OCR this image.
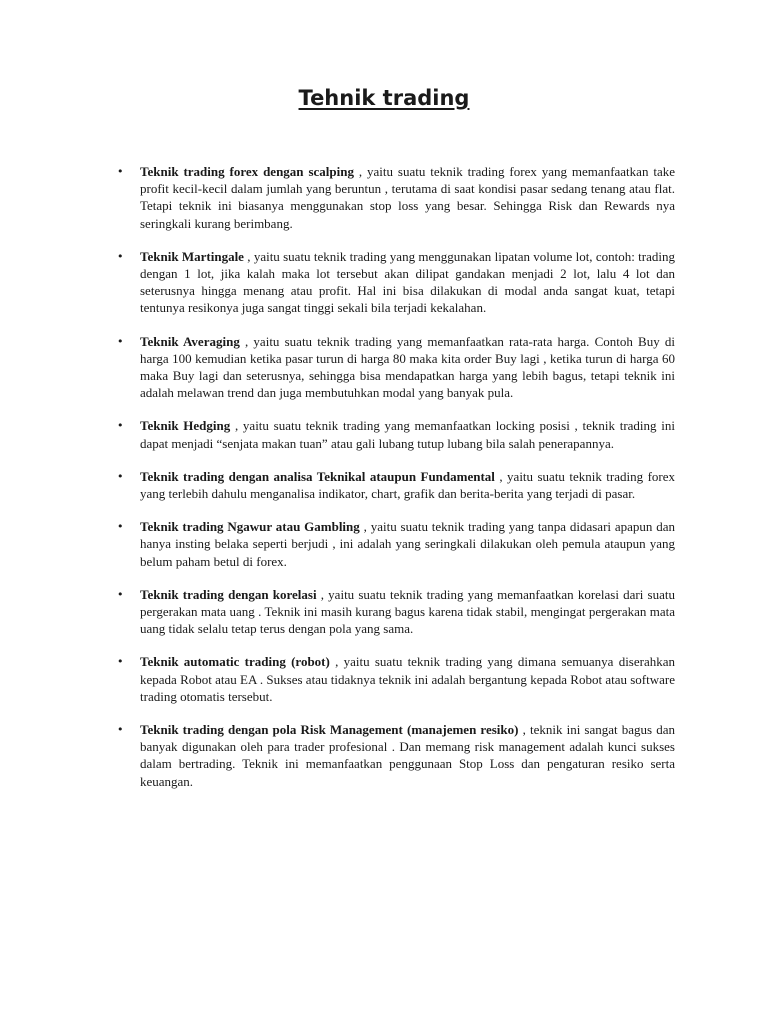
Tehnik trading
• Teknik trading forex dengan scalping , yaitu suatu teknik trading forex yang memanfaatkan take profit kecil-kecil dalam jumlah yang beruntun , terutama di saat kondisi pasar sedang tenang atau flat. Tetapi teknik ini biasanya menggunakan stop loss yang besar. Sehingga Risk dan Rewards nya seringkali kurang berimbang.
• Teknik Martingale , yaitu suatu teknik trading yang menggunakan lipatan volume lot, contoh: trading dengan 1 lot, jika kalah maka lot tersebut akan dilipat gandakan menjadi 2 lot, lalu 4 lot dan seterusnya hingga menang atau profit. Hal ini bisa dilakukan di modal anda sangat kuat, tetapi tentunya resikonya juga sangat tinggi sekali bila terjadi kekalahan.
• Teknik Averaging , yaitu suatu teknik trading yang memanfaatkan rata-rata harga. Contoh Buy di harga 100 kemudian ketika pasar turun di harga 80 maka kita order Buy lagi , ketika turun di harga 60 maka Buy lagi dan seterusnya, sehingga bisa mendapatkan harga yang lebih bagus, tetapi teknik ini adalah melawan trend dan juga membutuhkan modal yang banyak pula.
• Teknik Hedging , yaitu suatu teknik trading yang memanfaatkan locking posisi , teknik trading ini dapat menjadi “senjata makan tuan” atau gali lubang tutup lubang bila salah penerapannya.
• Teknik trading dengan analisa Teknikal ataupun Fundamental , yaitu suatu teknik trading forex yang terlebih dahulu menganalisa indikator, chart, grafik dan berita-berita yang terjadi di pasar.
• Teknik trading Ngawur atau Gambling , yaitu suatu teknik trading yang tanpa didasari apapun dan hanya insting belaka seperti berjudi , ini adalah yang seringkali dilakukan oleh pemula ataupun yang belum paham betul di forex.
• Teknik trading dengan korelasi , yaitu suatu teknik trading yang memanfaatkan korelasi dari suatu pergerakan mata uang . Teknik ini masih kurang bagus karena tidak stabil, mengingat pergerakan mata uang tidak selalu tetap terus dengan pola yang sama.
• Teknik automatic trading (robot) , yaitu suatu teknik trading yang dimana semuanya diserahkan kepada Robot atau EA . Sukses atau tidaknya teknik ini adalah bergantung kepada Robot atau software trading otomatis tersebut.
• Teknik trading dengan pola Risk Management (manajemen resiko) , teknik ini sangat bagus dan banyak digunakan oleh para trader profesional . Dan memang risk management adalah kunci sukses dalam bertrading. Teknik ini memanfaatkan penggunaan Stop Loss dan pengaturan resiko serta keuangan.
